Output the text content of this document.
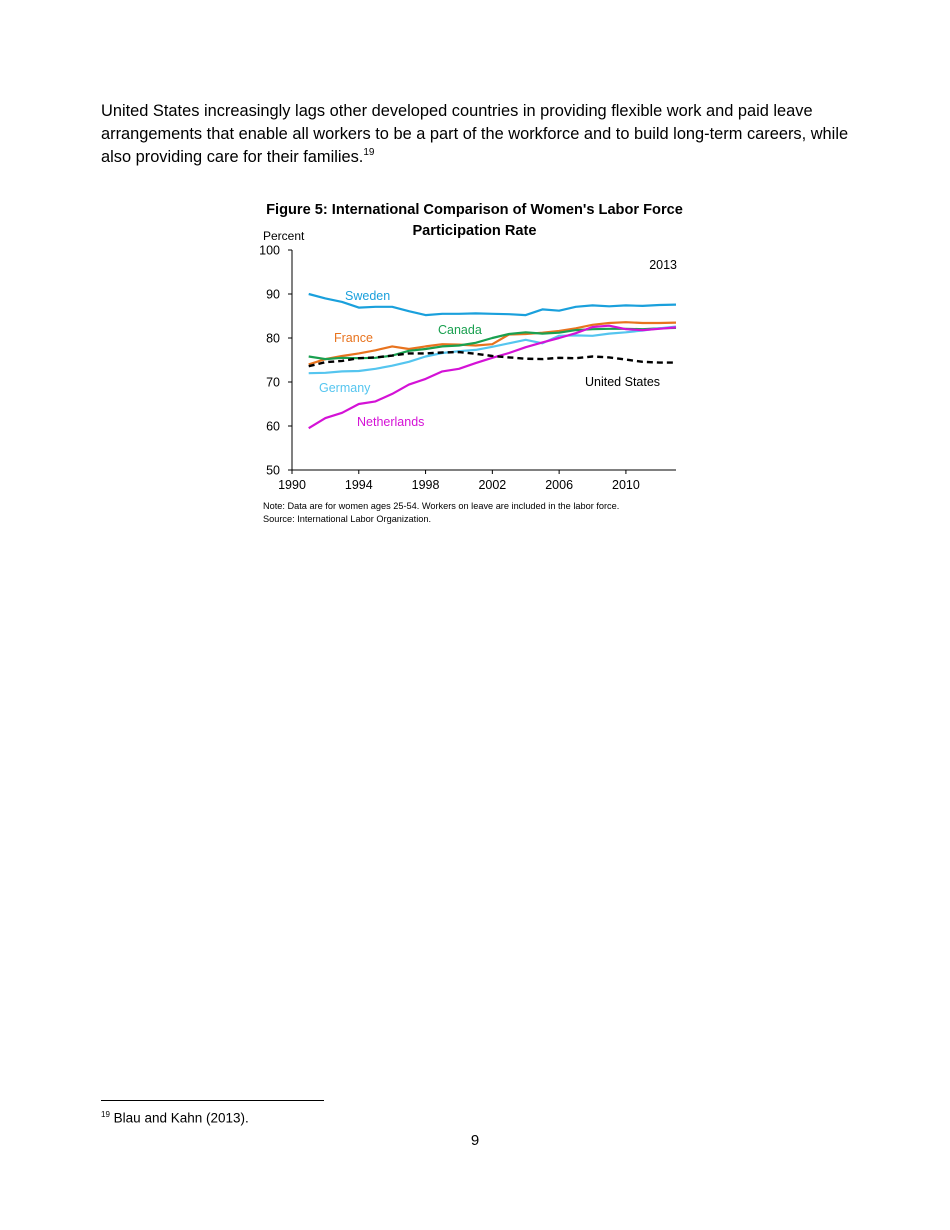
United States increasingly lags other developed countries in providing flexible work and paid leave arrangements that enable all workers to be a part of the workforce and to build long-term careers, while also providing care for their families.$^{19}$
Figure 5: International Comparison of Women's Labor Force Participation Rate
Percent
50
60
70
80
90
100
1990	1994	1998	2002	2006	2010
Sweden
France
Canada
Germany
Netherlands
United States
2013
Note: Data are for women ages 25-54. Workers on leave are included in the labor force.
Source: International Labor Organization.
$^{19}$ Blau and Kahn (2013).
9
